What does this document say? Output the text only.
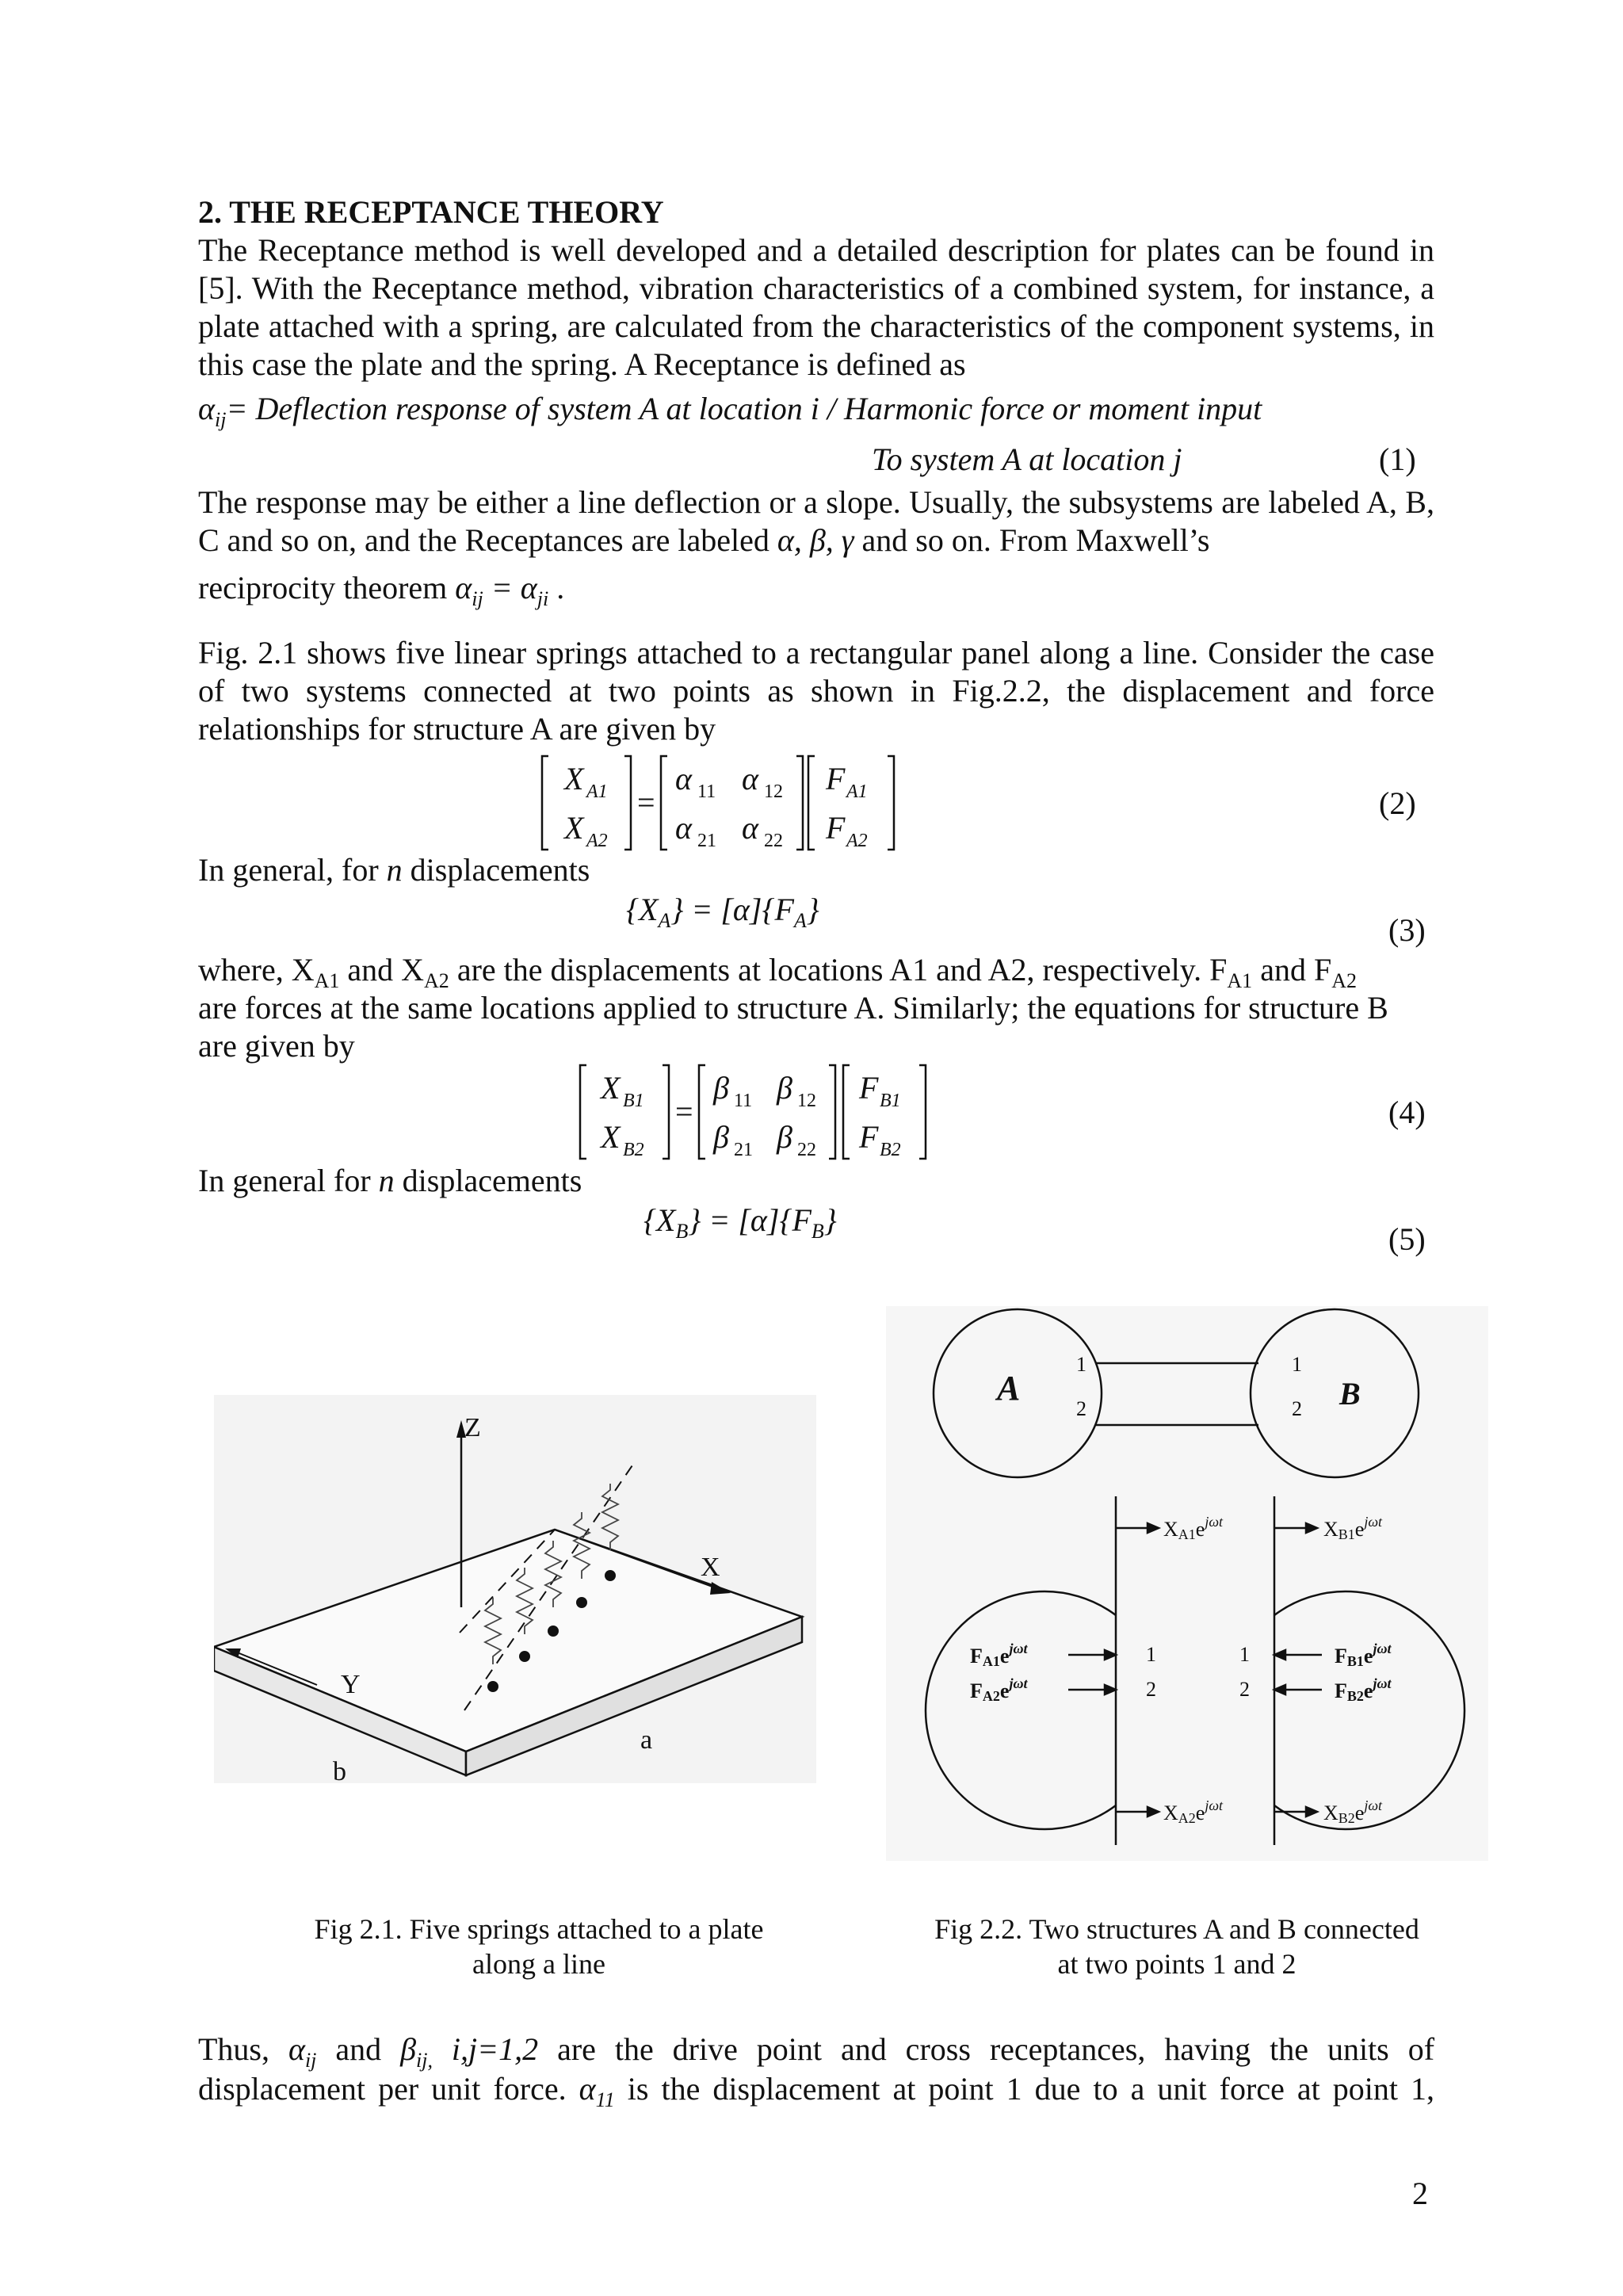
2. THE RECEPTANCE THEORY
The Receptance method is well developed and a detailed description for plates can be found in [5]. With the Receptance method, vibration characteristics of a combined system, for instance, a plate attached with a spring, are calculated from the characteristics of the component systems, in this case the plate and the spring. A Receptance is defined as
$\alpha_{ij}=$ Deflection response of system A at location i / Harmonic force or moment input
To system A at location j	(1)
The response may be either a line deflection or a slope. Usually, the subsystems are labeled A, B, C and so on, and the Receptances are labeled α, β, γ and so on. From Maxwell’s
reciprocity theorem $\alpha_{ij} = \alpha_{ji}$ .
Fig. 2.1 shows five linear springs attached to a rectangular panel along a line. Consider the case of two systems connected at two points as shown in Fig.2.2, the displacement and force relationships for structure A are given by
X A1
X A2
=
α 11 α 12
α 21 α 22
F A1
F A2
(2)
In general, for n displacements
$\{X_A\} = [\alpha]\{F_A\}$
(3)
where, $X_{A1}$ and $X_{A2}$ are the displacements at locations A1 and A2, respectively. $F_{A1}$ and $F_{A2}$
are forces at the same locations applied to structure A. Similarly; the equations for structure B
are given by
X B1
X B2
=
β 11 β 12
β 21 β 22
F B1
F B2
(4)
In general for n displacements
$\{X_B\} = [\alpha]\{F_B\}$
(5)
Z
X
Y
a
b
Fig 2.1. Five springs attached to a plate
along a line
A	B
1
2
1
2
1
2
1
2
$XA1e^{j\omega t}$	$XB1e^{j\omega t}$
$XA2e^{j\omega t}$	$XB2e^{j\omega t}$
$FA1e^{j\omega t}$
$FA2e^{j\omega t}$
$FB1e^{j\omega t}$
$FB2e^{j\omega t}$
Fig 2.2. Two structures A and B connected
at two points 1 and 2
Thus, $\alpha_{ij}$ and $\beta_{ij,}$ i,j=1,2 are the drive point and cross receptances, having the units of
displacement per unit force. $\alpha_{11}$ is the displacement at point 1 due to a unit force at point 1,
2
